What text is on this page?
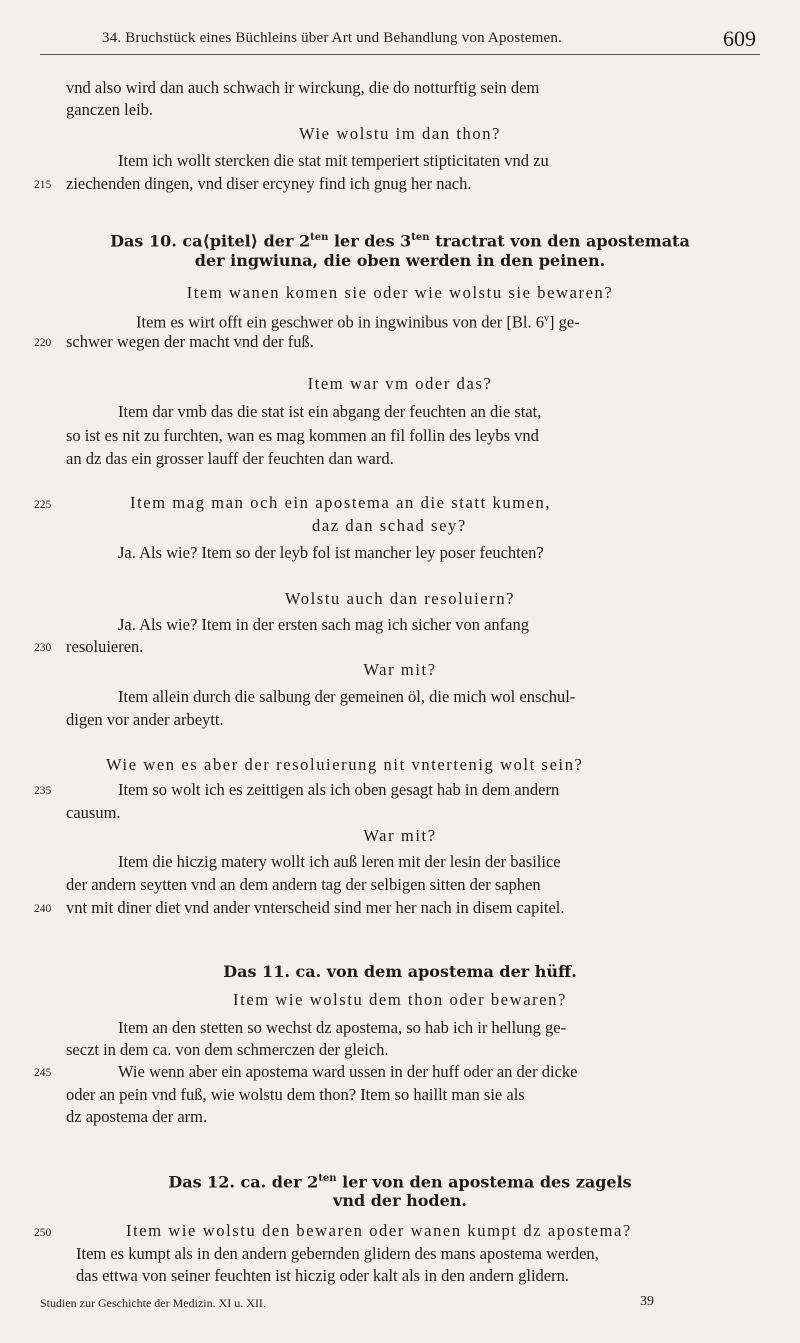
34. Bruchstück eines Büchleins über Art und Behandlung von Apostemen.	609
vnd also wird dan auch schwach ir wirckung, die do notturftig sein dem
ganczen leib.
Wie wolstu im dan thon?
Item ich wollt stercken die stat mit temperiert stipticitaten vnd zu
215 ziechenden dingen, vnd diser ercyney find ich gnug her nach.
Das 10. ca⟨pitel⟩ der $2^{ten}$ ler des $3^{ten}$ tractrat von den apostemata
der ingwiuna, die oben werden in den peinen.
Item wanen komen sie oder wie wolstu sie bewaren?
Item es wirt offt ein geschwer ob in ingwinibus von der [Bl. 6$^v$] ge-
220 schwer wegen der macht vnd der fuß.
Item war vm oder das?
Item dar vmb das die stat ist ein abgang der feuchten an die stat,
so ist es nit zu furchten, wan es mag kommen an fil follin des leybs vnd
an dz das ein grosser lauff der feuchten dan ward.
225	Item mag man och ein apostema an die statt kumen,
daz dan schad sey?
Ja. Als wie? Item so der leyb fol ist mancher ley poser feuchten?
Wolstu auch dan resoluiern?
Ja. Als wie? Item in der ersten sach mag ich sicher von anfang
230 resoluieren.
War mit?
Item allein durch die salbung der gemeinen öl, die mich wol enschul-
digen vor ander arbeytt.
Wie wen es aber der resoluierung nit vntertenig wolt sein?
235	Item so wolt ich es zeittigen als ich oben gesagt hab in dem andern
causum.
War mit?
Item die hiczig matery wollt ich auß leren mit der lesin der basilice
der andern seytten vnd an dem andern tag der selbigen sitten der saphen
240 vnt mit diner diet vnd ander vnterscheid sind mer her nach in disem capitel.
Das 11. ca. von dem apostema der hüff.
Item wie wolstu dem thon oder bewaren?
Item an den stetten so wechst dz apostema, so hab ich ir hellung ge-
seczt in dem ca. von dem schmerczen der gleich.
245	Wie wenn aber ein apostema ward ussen in der huff oder an der dicke
oder an pein vnd fuß, wie wolstu dem thon? Item so haillt man sie als
dz apostema der arm.
Das 12. ca. der $2^{ten}$ ler von den apostema des zagels
vnd der hoden.
250	Item wie wolstu den bewaren oder wanen kumpt dz apostema?
Item es kumpt als in den andern gebernden glidern des mans apostema werden,
das ettwa von seiner feuchten ist hiczig oder kalt als in den andern glidern.
Studien zur Geschichte der Medizin. XI u. XII.	39
